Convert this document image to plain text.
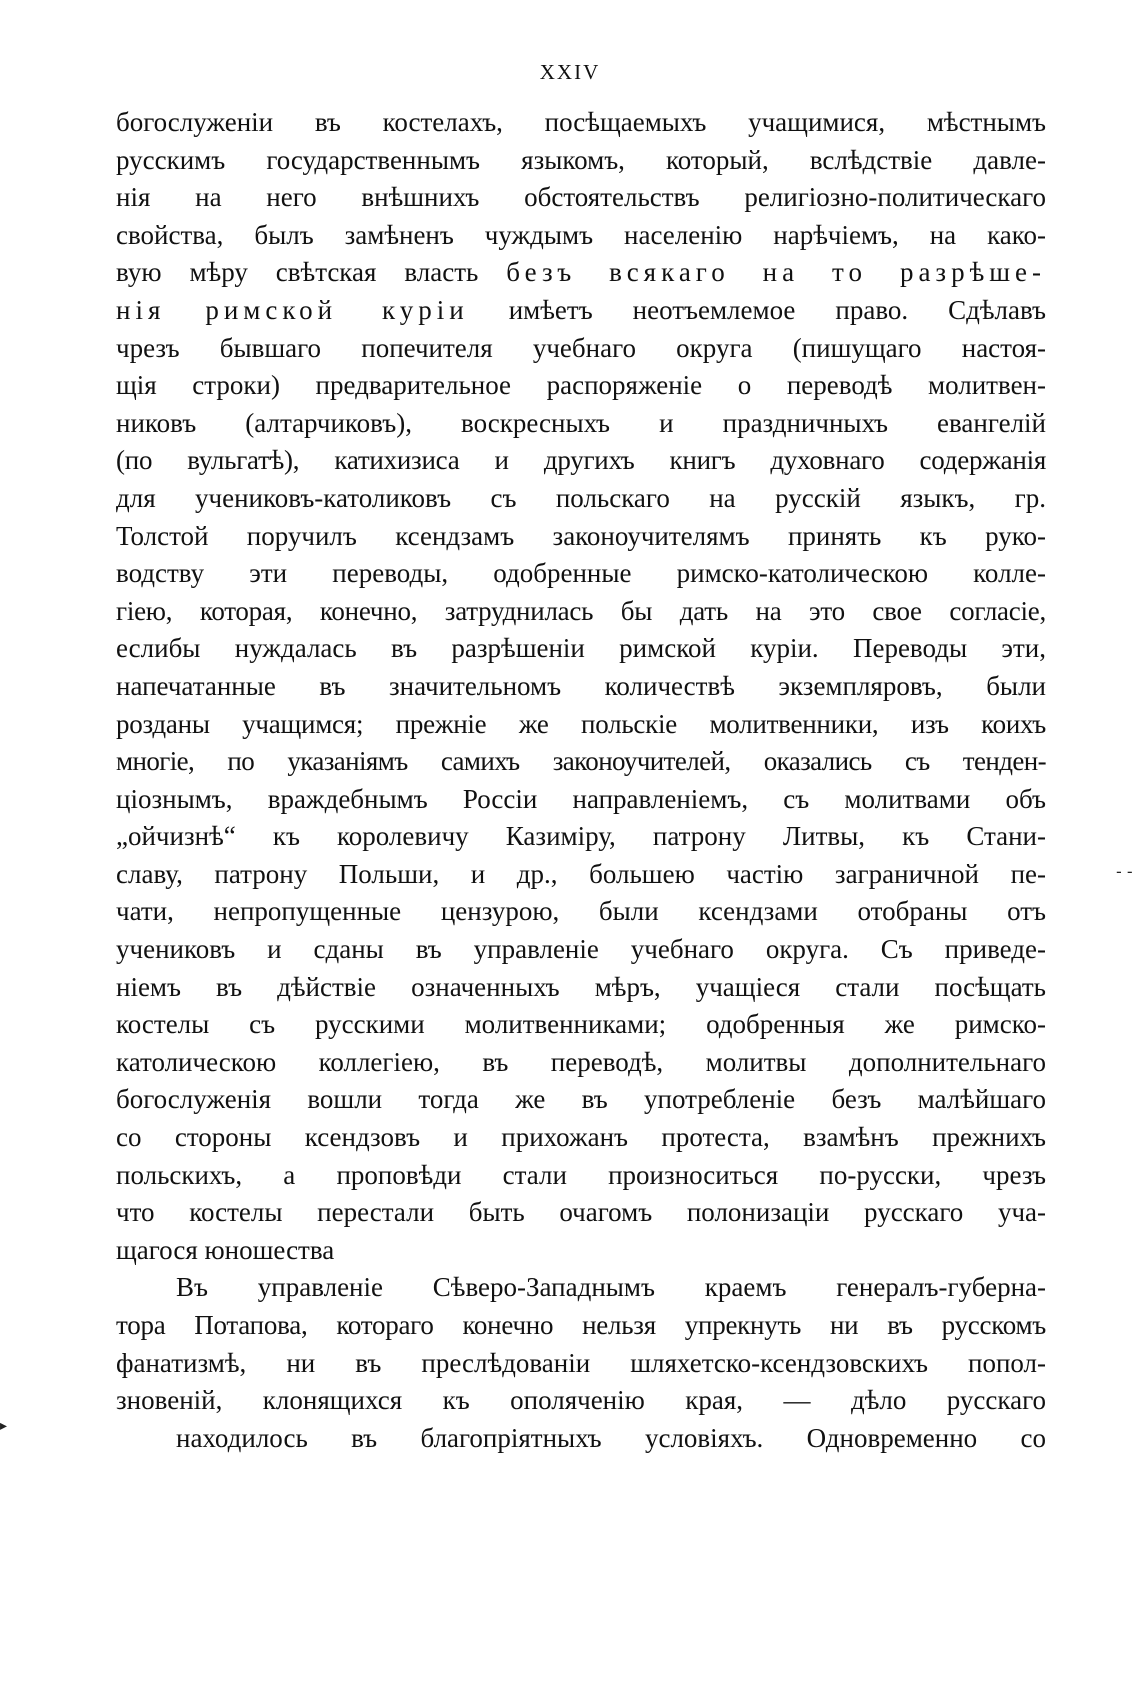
XXIV
богослуженiи въ костелахъ, посѣщаемыхъ учащимися, мѣстнымъ
русскимъ государственнымъ языкомъ, который, вслѣдствiе давле-
нiя на него внѣшнихъ обстоятельствъ религiозно-политическаго
свойства, былъ замѣненъ чуждымъ населенiю нарѣчiемъ, на како-
вую мѣру свѣтская власть безъ всякаго на то разрѣше-
нiя римской курiи имѣетъ неотъемлемое право. Сдѣлавъ
чрезъ бывшаго попечителя учебнаго округа (пишущаго настоя-
щiя строки) предварительное распоряженiе о переводѣ молитвен-
никовъ (алтарчиковъ), воскресныхъ и праздничныхъ евангелiй
(по вульгатѣ), катихизиса и другихъ книгъ духовнаго содержанiя
для учениковъ-католиковъ съ польскаго на русскiй языкъ, гр.
Толстой поручилъ ксендзамъ законоучителямъ принять къ руко-
водству эти переводы, одобренные римско-католическою колле-
гiею, которая, конечно, затруднилась бы дать на это свое согласiе,
еслибы нуждалась въ разрѣшенiи римской курiи. Переводы эти,
напечатанные въ значительномъ количествѣ экземпляровъ, были
розданы учащимся; прежнiе же польскiе молитвенники, изъ коихъ
многiе, по указанiямъ самихъ законоучителей, оказались съ тенден-
цiознымъ, враждебнымъ Россiи направленiемъ, съ молитвами объ
„ойчизнѣ“ къ королевичу Казимiру, патрону Литвы, къ Стани-
славу, патрону Польши, и др., большею частiю заграничной пе-
чати, непропущенные цензурою, были ксендзами отобраны отъ
учениковъ и сданы въ управленiе учебнаго округа. Съ приведе-
нiемъ въ дѣйствiе означенныхъ мѣръ, учащiеся стали посѣщать
костелы съ русскими молитвенниками; одобренныя же римско-
католическою коллегiею, въ переводѣ, молитвы дополнительнаго
богослуженiя вошли тогда же въ употребленiе безъ малѣйшаго
со стороны ксендзовъ и прихожанъ протеста, взамѣнъ прежнихъ
польскихъ, а проповѣди стали произноситься по-русски, чрезъ
что костелы перестали быть очагомъ полонизацiи русскаго уча-
щагося юношества
Въ управленiе Сѣверо-Западнымъ краемъ генералъ-губерна-
тора Потапова, котораго конечно нельзя упрекнуть ни въ русскомъ
фанатизмѣ, ни въ преслѣдованiи шляхетско-ксендзовскихъ попол-
зновенiй, клонящихся къ ополяченiю края, — дѣло русскаго
находилось въ благопрiятныхъ условiяхъ. Одновременно со
- -
▸
